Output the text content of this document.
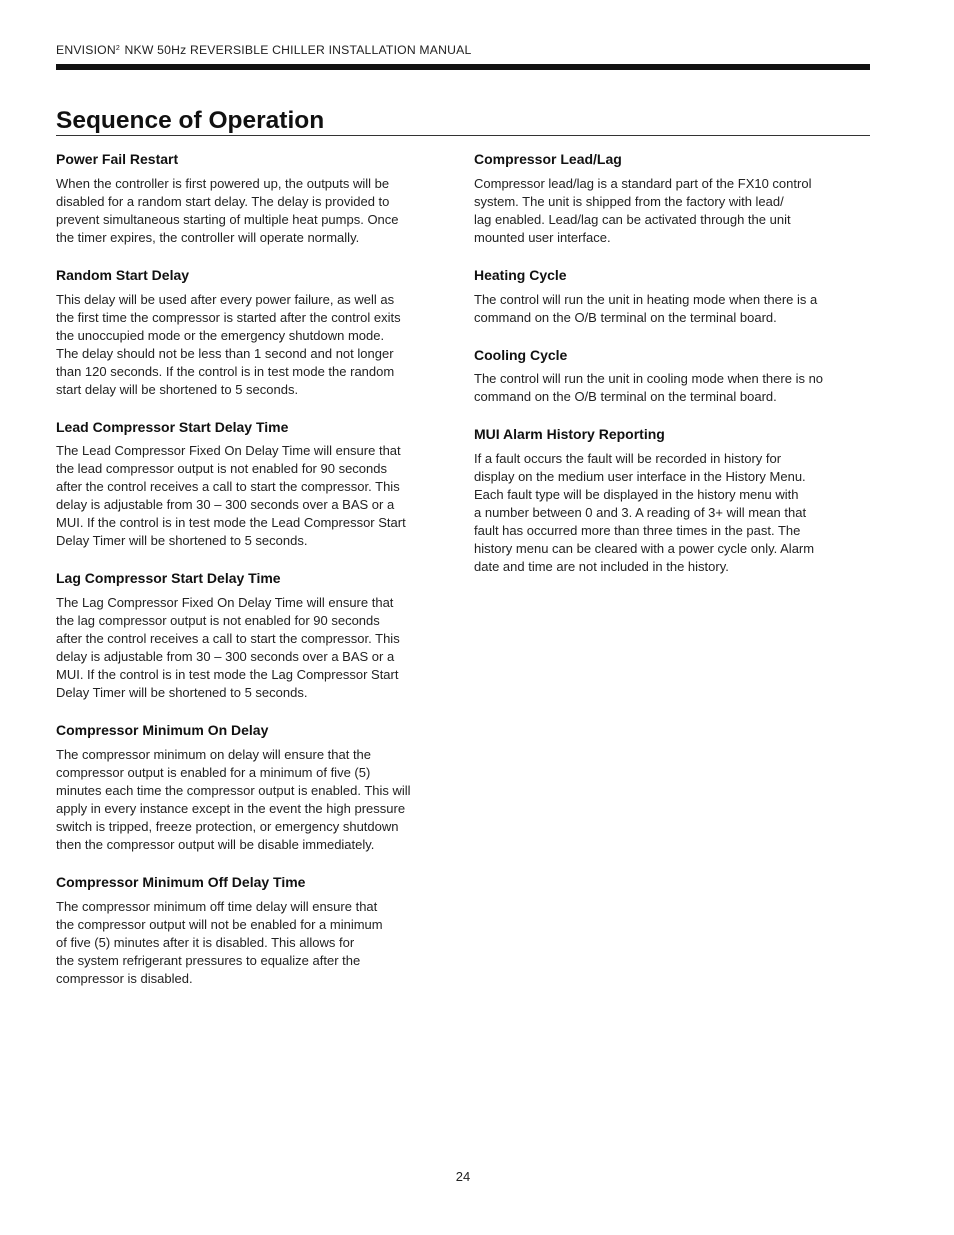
ENVISION$^2$ NKW 50Hz REVERSIBLE CHILLER INSTALLATION MANUAL
Sequence of Operation
Power Fail Restart

When the controller is first powered up, the outputs will be
disabled for a random start delay. The delay is provided to
prevent simultaneous starting of multiple heat pumps. Once
the timer expires, the controller will operate normally.

Random Start Delay

This delay will be used after every power failure, as well as
the first time the compressor is started after the control exits
the unoccupied mode or the emergency shutdown mode.
The delay should not be less than 1 second and not longer
than 120 seconds. If the control is in test mode the random
start delay will be shortened to 5 seconds.

Lead Compressor Start Delay Time

The Lead Compressor Fixed On Delay Time will ensure that
the lead compressor output is not enabled for 90 seconds
after the control receives a call to start the compressor. This
delay is adjustable from 30 – 300 seconds over a BAS or a
MUI. If the control is in test mode the Lead Compressor Start
Delay Timer will be shortened to 5 seconds.

Lag Compressor Start Delay Time

The Lag Compressor Fixed On Delay Time will ensure that
the lag compressor output is not enabled for 90 seconds
after the control receives a call to start the compressor. This
delay is adjustable from 30 – 300 seconds over a BAS or a
MUI. If the control is in test mode the Lag Compressor Start
Delay Timer will be shortened to 5 seconds.

Compressor Minimum On Delay

The compressor minimum on delay will ensure that the
compressor output is enabled for a minimum of five (5)
minutes each time the compressor output is enabled. This will
apply in every instance except in the event the high pressure
switch is tripped, freeze protection, or emergency shutdown
then the compressor output will be disable immediately.

Compressor Minimum Off Delay Time

The compressor minimum off time delay will ensure that
the compressor output will not be enabled for a minimum
of five (5) minutes after it is disabled. This allows for
the system refrigerant pressures to equalize after the
compressor is disabled.

Compressor Lead/Lag

Compressor lead/lag is a standard part of the FX10 control
system. The unit is shipped from the factory with lead/
lag enabled. Lead/lag can be activated through the unit
mounted user interface.

Heating Cycle

The control will run the unit in heating mode when there is a
command on the O/B terminal on the terminal board.

Cooling Cycle

The control will run the unit in cooling mode when there is no
command on the O/B terminal on the terminal board.

MUI Alarm History Reporting

If a fault occurs the fault will be recorded in history for
display on the medium user interface in the History Menu.
Each fault type will be displayed in the history menu with
a number between 0 and 3. A reading of 3+ will mean that
fault has occurred more than three times in the past. The
history menu can be cleared with a power cycle only. Alarm
date and time are not included in the history.

24
